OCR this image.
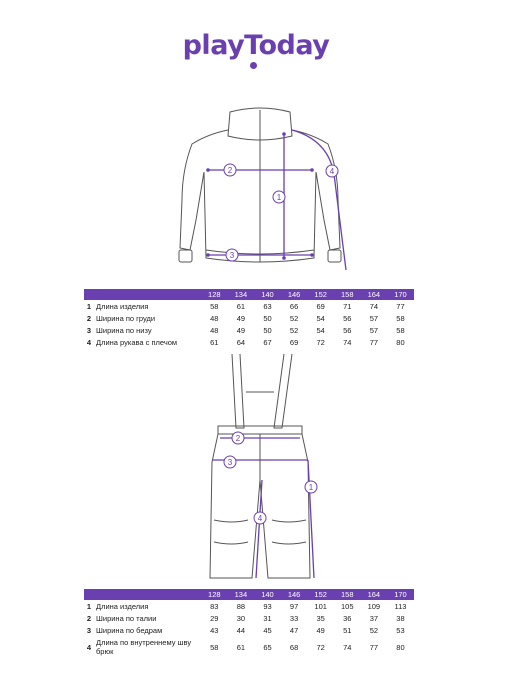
playToday
2
3
1
4
		128	134	140	146	152	158	164	170
1	Длина изделия	58	61	63	66	69	71	74	77
2	Ширина по груди	48	49	50	52	54	56	57	58
3	Ширина по низу	48	49	50	52	54	56	57	58
4	Длина рукава с плечом	61	64	67	69	72	74	77	80
2
3
1
4
		128	134	140	146	152	158	164	170
1	Длина изделия	83	88	93	97	101	105	109	113
2	Ширина по талии	29	30	31	33	35	36	37	38
3	Ширина по бедрам	43	44	45	47	49	51	52	53
4	Длина по внутреннему шву брюк	58	61	65	68	72	74	77	80
